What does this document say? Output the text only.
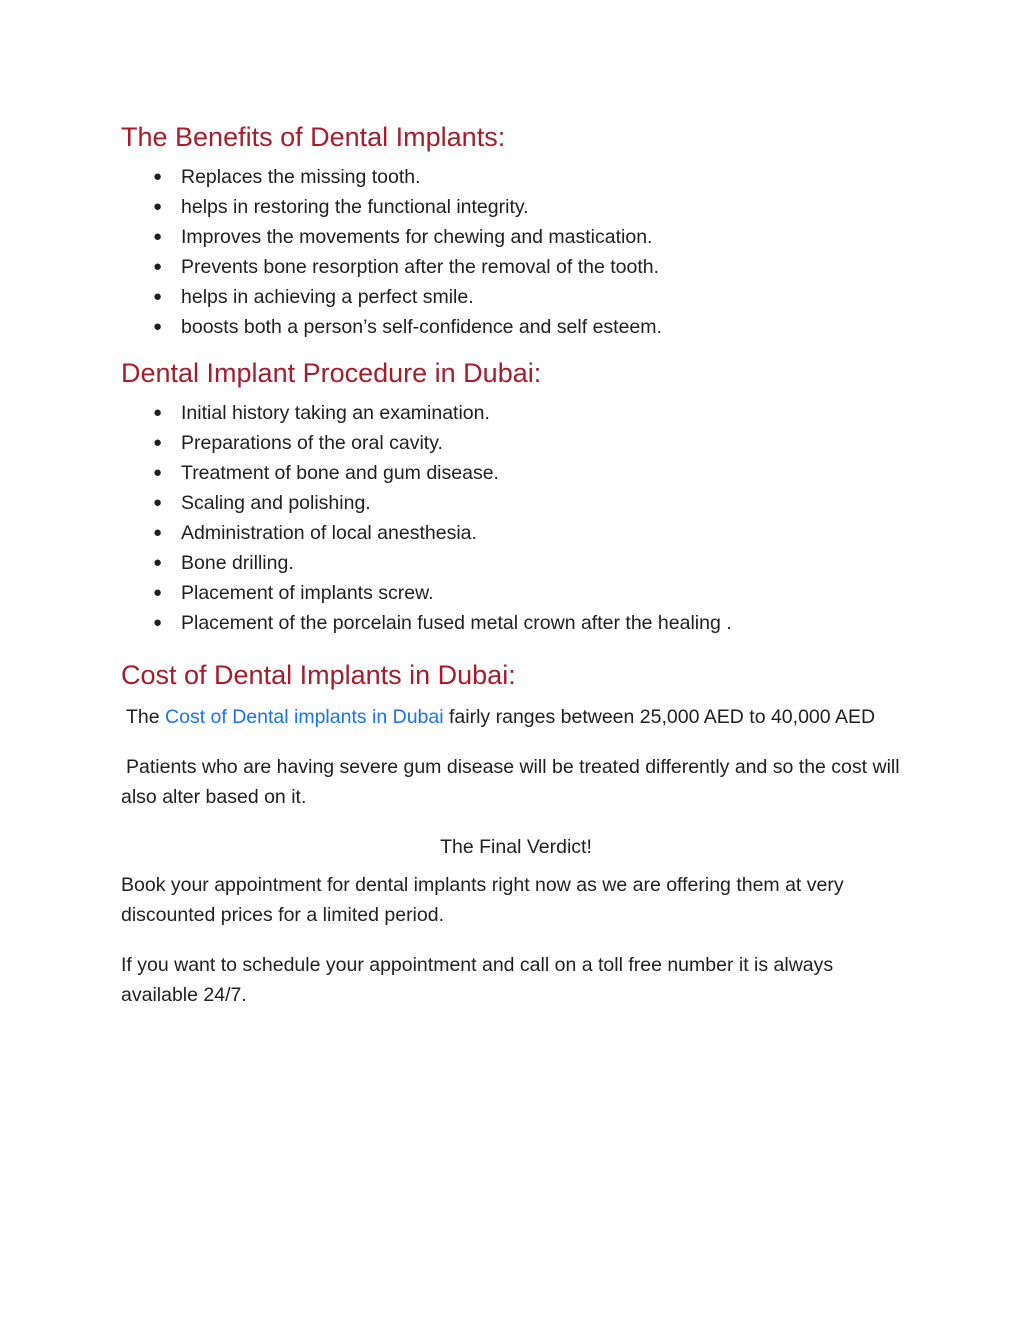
The Benefits of Dental Implants:
● Replaces the missing tooth.
● helps in restoring the functional integrity.
● Improves the movements for chewing and mastication.
● Prevents bone resorption after the removal of the tooth.
● helps in achieving a perfect smile.
● boosts both a person’s self-confidence and self esteem.
Dental Implant Procedure in Dubai:
● Initial history taking an examination.
● Preparations of the oral cavity.
● Treatment of bone and gum disease.
● Scaling and polishing.
● Administration of local anesthesia.
● Bone drilling.
● Placement of implants screw.
● Placement of the porcelain fused metal crown after the healing .
Cost of Dental Implants in Dubai:

The Cost of Dental implants in Dubai fairly ranges between 25,000 AED to 40,000 AED

Patients who are having severe gum disease will be treated differently and so the cost will also alter based on it.

The Final Verdict!

Book your appointment for dental implants right now as we are offering them at very discounted prices for a limited period.

If you want to schedule your appointment and call on a toll free number it is always available 24/7.
